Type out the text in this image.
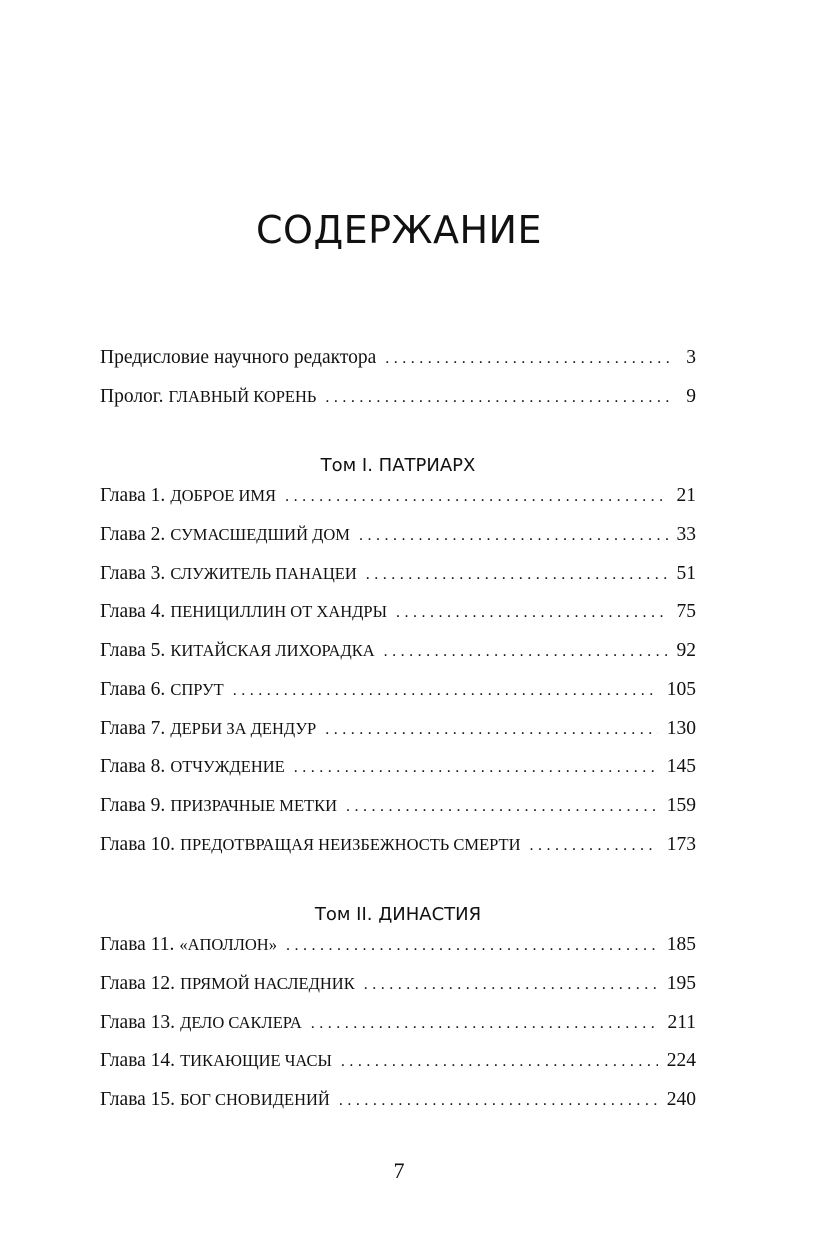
СОДЕРЖАНИЕ
Предисловие научного редактора . . .	3
Пролог. ГЛАВНЫЙ КОРЕНЬ . . .	9
Том I. ПАТРИАРХ
Глава 1. ДОБРОЕ ИМЯ . . .	21
Глава 2. СУМАСШЕДШИЙ ДОМ . . .	33
Глава 3. СЛУЖИТЕЛЬ ПАНАЦЕИ . . .	51
Глава 4. ПЕНИЦИЛЛИН ОТ ХАНДРЫ . . .	75
Глава 5. КИТАЙСКАЯ ЛИХОРАДКА . . .	92
Глава 6. СПРУТ . . .	105
Глава 7. ДЕРБИ ЗА ДЕНДУР . . .	130
Глава 8. ОТЧУЖДЕНИЕ . . .	145
Глава 9. ПРИЗРАЧНЫЕ МЕТКИ . . .	159
Глава 10. ПРЕДОТВРАЩАЯ НЕИЗБЕЖНОСТЬ СМЕРТИ . . .	173
Том II. ДИНАСТИЯ
Глава 11. «АПОЛЛОН» . . .	185
Глава 12. ПРЯМОЙ НАСЛЕДНИК . . .	195
Глава 13. ДЕЛО САКЛЕРА . . .	211
Глава 14. ТИКАЮЩИЕ ЧАСЫ . . .	224
Глава 15. БОГ СНОВИДЕНИЙ . . .	240
7
